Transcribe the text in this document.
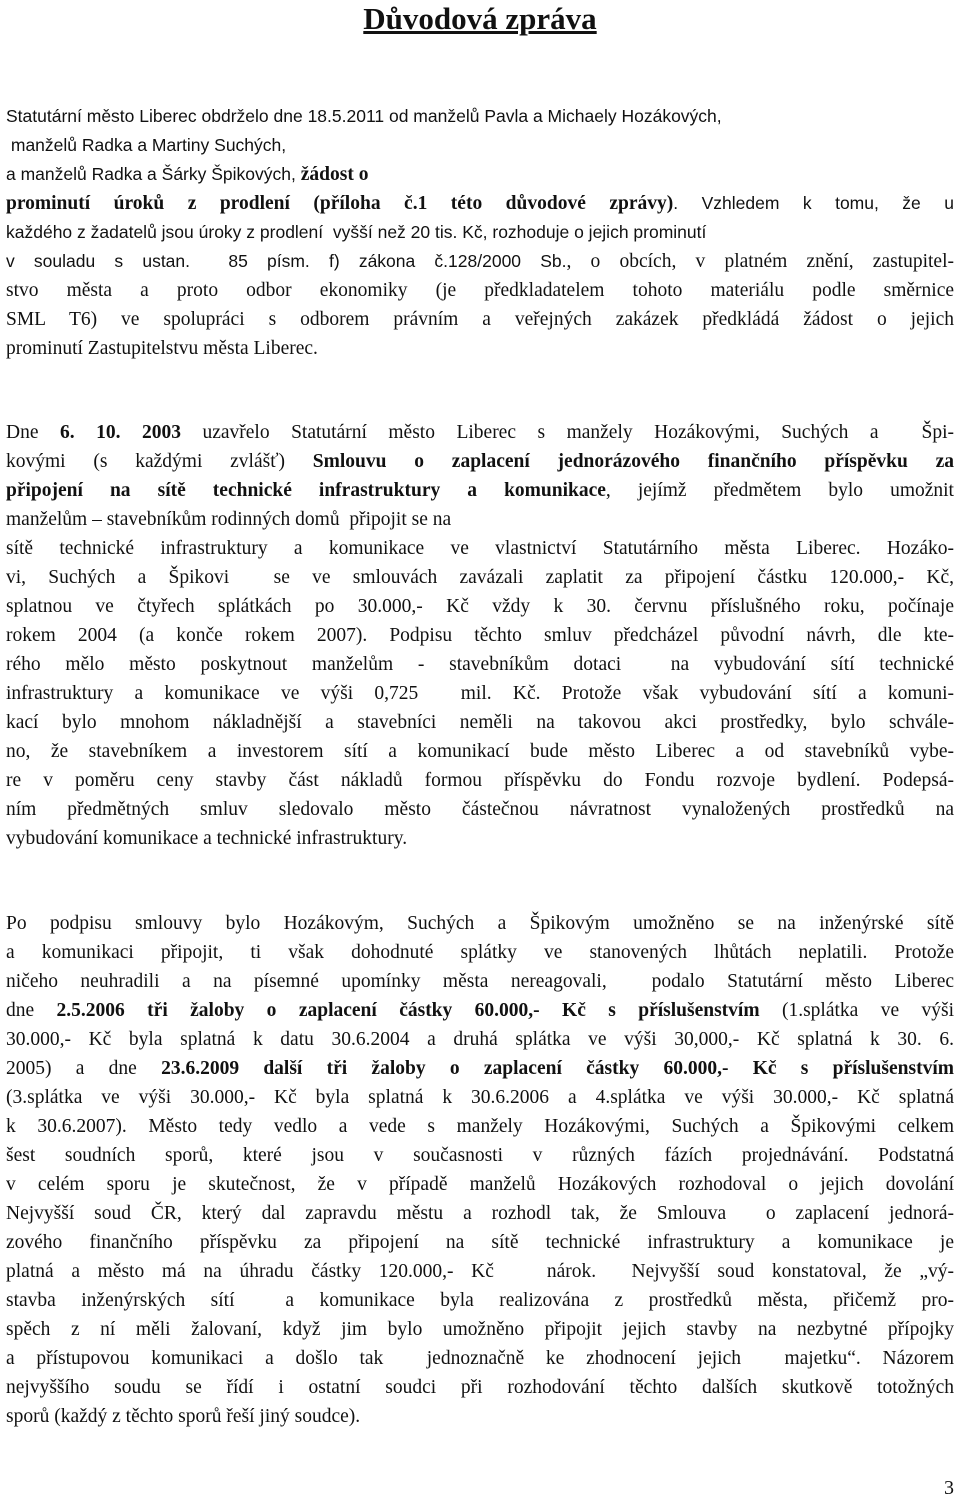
Důvodová zpráva
Statutární město Liberec obdrželo dne 18.5.2011 od manželů Pavla a Michaely Hozákových,
manželů Radka a Martiny Suchých,
a manželů Radka a Šárky Špikových, žádost o
prominutí úroků z prodlení (příloha č.1 této důvodové zprávy). Vzhledem k tomu, že u
každého z žadatelů jsou úroky z prodlení  vyšší než 20 tis. Kč, rozhoduje o jejich prominutí
v souladu s ustan.  85 písm. f) zákona č.128/2000 Sb., o obcích, v platném znění, zastupitel-
stvo města a proto odbor ekonomiky (je předkladatelem tohoto materiálu podle směrnice
SML T6) ve spolupráci s odborem právním a veřejných zakázek předkládá žádost o jejich
prominutí Zastupitelstvu města Liberec.
Dne 6. 10. 2003 uzavřelo Statutární město Liberec s manžely Hozákovými, Suchých a  Špi-
kovými (s každými zvlášť) Smlouvu o zaplacení jednorázového finančního příspěvku za
připojení na sítě technické infrastruktury a komunikace, jejímž předmětem bylo umožnit
manželům – stavebníkům rodinných domů  připojit se na
sítě technické infrastruktury a komunikace ve vlastnictví Statutárního města Liberec. Hozáko-
vi, Suchých a Špikovi  se ve smlouvách zavázali zaplatit za připojení částku 120.000,- Kč,
splatnou ve čtyřech splátkách po 30.000,- Kč vždy k 30. červnu příslušného roku, počínaje
rokem 2004 (a konče rokem 2007). Podpisu těchto smluv předcházel původní návrh, dle kte-
rého mělo město poskytnout manželům - stavebníkům dotaci  na vybudování sítí technické
infrastruktury a komunikace ve výši 0,725  mil. Kč. Protože však vybudování sítí a komuni-
kací bylo mnohom nákladnější a stavebníci neměli na takovou akci prostředky, bylo schvále-
no, že stavebníkem a investorem sítí a komunikací bude město Liberec a od stavebníků vybe-
re v poměru ceny stavby část nákladů formou příspěvku do Fondu rozvoje bydlení. Podepsá-
ním předmětných smluv sledovalo město částečnou návratnost vynaložených prostředků na
vybudování komunikace a technické infrastruktury.
Po podpisu smlouvy bylo Hozákovým, Suchých a Špikovým umožněno se na inženýrské sítě
a komunikaci připojit, ti však dohodnuté splátky ve stanovených lhůtách neplatili. Protože
ničeho neuhradili a na písemné upomínky města nereagovali,  podalo Statutární město Liberec
dne 2.5.2006 tři žaloby o zaplacení částky 60.000,- Kč s příslušenstvím (1.splátka ve výši
30.000,- Kč byla splatná k datu 30.6.2004 a druhá splátka ve výši 30,000,- Kč splatná k 30. 6.
2005) a dne 23.6.2009 další tři žaloby o zaplacení částky 60.000,- Kč s příslušenstvím
(3.splátka ve výši 30.000,- Kč byla splatná k 30.6.2006 a 4.splátka ve výši 30.000,- Kč splatná
k 30.6.2007). Město tedy vedlo a vede s manžely Hozákovými, Suchých a Špikovými celkem
šest soudních sporů, které jsou v současnosti v různých fázích projednávání. Podstatná
v celém sporu je skutečnost, že v případě manželů Hozákových rozhodoval o jejich dovolání
Nejvyšší soud ČR, který dal zapravdu městu a rozhodl tak, že Smlouva  o zaplacení jednorá-
zového finančního příspěvku za připojení na sítě technické infrastruktury a komunikace je
platná a město má na úhradu částky 120.000,- Kč   nárok.  Nejvyšší soud konstatoval, že „vý-
stavba inženýrských sítí  a komunikace byla realizována z prostředků města, přičemž pro-
spěch z ní měli žalovaní, když jim bylo umožněno připojit jejich stavby na nezbytné přípojky
a přístupovou komunikaci a došlo tak  jednoznačně ke zhodnocení jejich  majetku“. Názorem
nejvyššího soudu se řídí i ostatní soudci při rozhodování těchto dalších skutkově totožných
sporů (každý z těchto sporů řeší jiný soudce).
3
